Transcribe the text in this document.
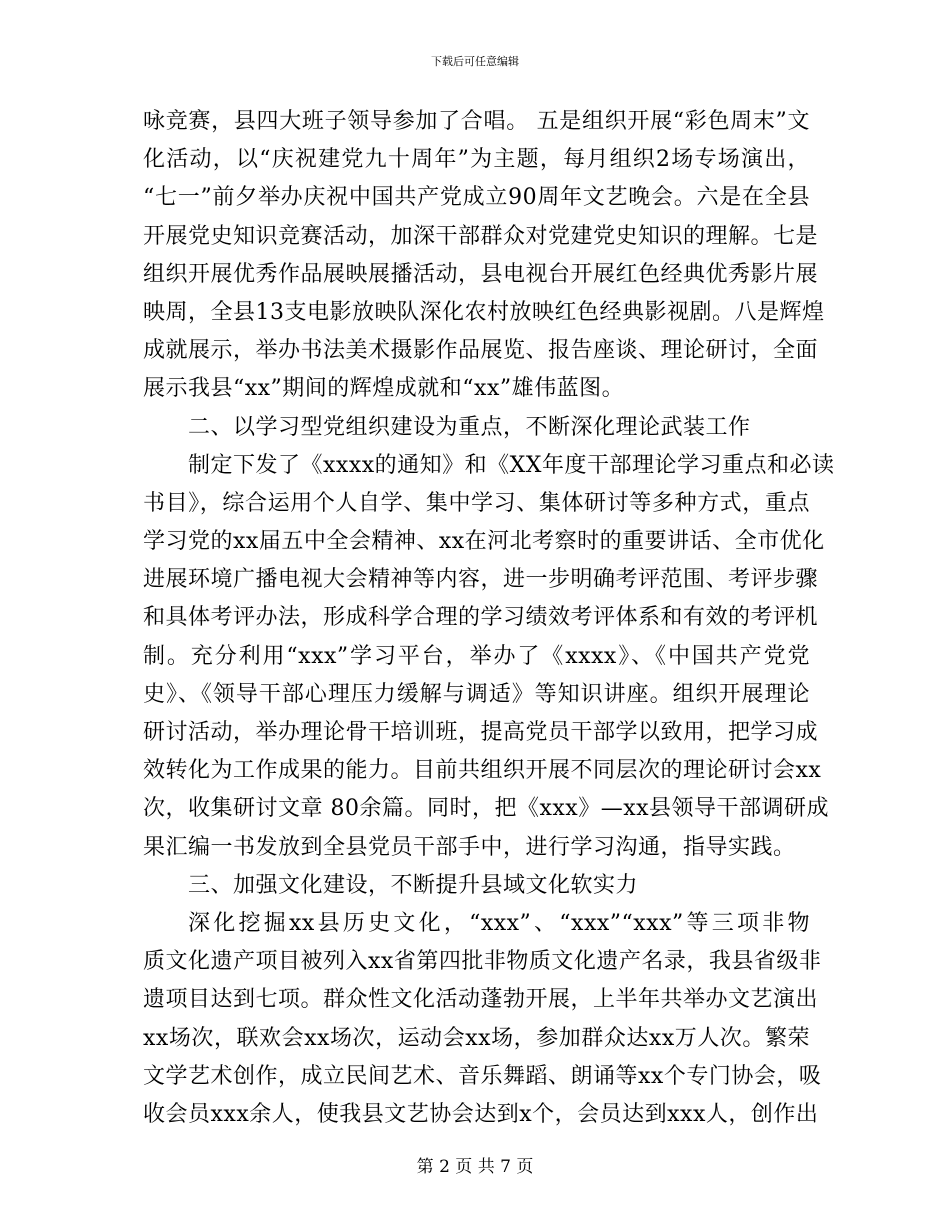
下载后可任意编辑
咏竞赛，县四大班子领导参加了合唱。 五是组织开展“彩色周末”文
化活动，以“庆祝建党九十周年”为主题，每月组织2场专场演出，
“七一”前夕举办庆祝中国共产党成立90周年文艺晚会。六是在全县
开展党史知识竞赛活动，加深干部群众对党建党史知识的理解。七是
组织开展优秀作品展映展播活动，县电视台开展红色经典优秀影片展
映周，全县13支电影放映队深化农村放映红色经典影视剧。八是辉煌
成就展示，举办书法美术摄影作品展览、报告座谈、理论研讨，全面
展示我县“xx”期间的辉煌成就和“xx”雄伟蓝图。
二、以学习型党组织建设为重点，不断深化理论武装工作
制定下发了《xxxx的通知》和《XX年度干部理论学习重点和必读
书目》，综合运用个人自学、集中学习、集体研讨等多种方式，重点
学习党的xx届五中全会精神、xx在河北考察时的重要讲话、全市优化
进展环境广播电视大会精神等内容，进一步明确考评范围、考评步骤
和具体考评办法，形成科学合理的学习绩效考评体系和有效的考评机
制。充分利用“xxx”学习平台，举办了《xxxx》、《中国共产党党
史》、《领导干部心理压力缓解与调适》等知识讲座。组织开展理论
研讨活动，举办理论骨干培训班，提高党员干部学以致用，把学习成
效转化为工作成果的能力。目前共组织开展不同层次的理论研讨会xx
次，收集研讨文章 80余篇。同时，把《xxx》—xx县领导干部调研成
果汇编一书发放到全县党员干部手中，进行学习沟通，指导实践。
三、加强文化建设，不断提升县域文化软实力
深化挖掘xx县历史文化，“xxx”、“xxx”“xxx”等三项非物
质文化遗产项目被列入xx省第四批非物质文化遗产名录，我县省级非
遗项目达到七项。群众性文化活动蓬勃开展，上半年共举办文艺演出
xx场次，联欢会xx场次，运动会xx场，参加群众达xx万人次。繁荣
文学艺术创作，成立民间艺术、音乐舞蹈、朗诵等xx个专门协会，吸
收会员xxx余人，使我县文艺协会达到x个，会员达到xxx人，创作出
第 2 页 共 7 页
